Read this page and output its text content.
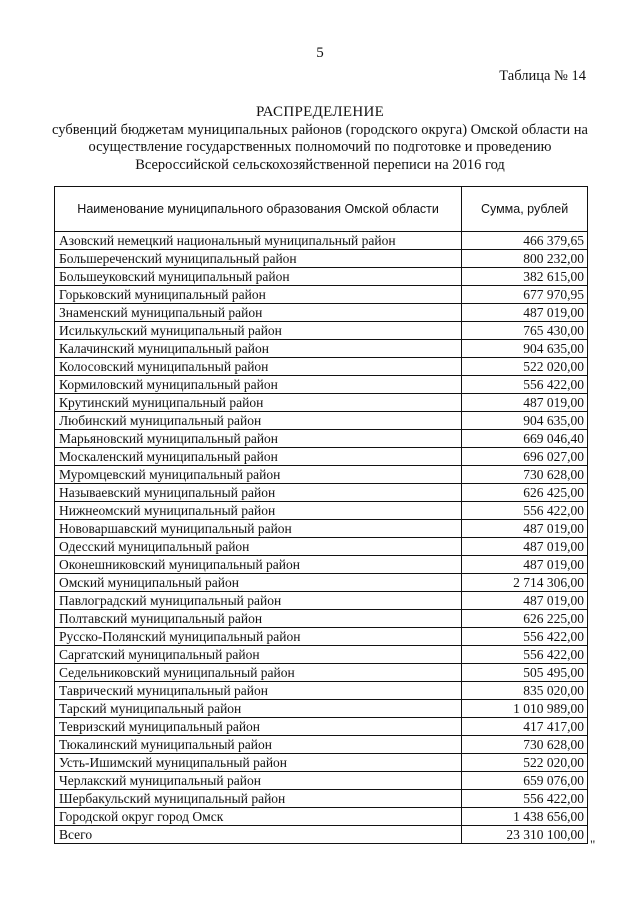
5
Таблица № 14
РАСПРЕДЕЛЕНИЕ
субвенций бюджетам муниципальных районов (городского округа) Омской области на
осуществление государственных полномочий по подготовке и проведению
Всероссийской сельскохозяйственной переписи на 2016 год
Наименование муниципального образования Омской области	Сумма, рублей
Азовский немецкий национальный муниципальный район	466 379,65
Большереченский муниципальный район	800 232,00
Большеуковский муниципальный район	382 615,00
Горьковский муниципальный район	677 970,95
Знаменский муниципальный район	487 019,00
Исилькульский муниципальный район	765 430,00
Калачинский муниципальный район	904 635,00
Колосовский муниципальный район	522 020,00
Кормиловский муниципальный район	556 422,00
Крутинский муниципальный район	487 019,00
Любинский муниципальный район	904 635,00
Марьяновский муниципальный район	669 046,40
Москаленский муниципальный район	696 027,00
Муромцевский муниципальный район	730 628,00
Называевский муниципальный район	626 425,00
Нижнеомский муниципальный район	556 422,00
Нововаршавский муниципальный район	487 019,00
Одесский муниципальный район	487 019,00
Оконешниковский муниципальный район	487 019,00
Омский муниципальный район	2 714 306,00
Павлоградский муниципальный район	487 019,00
Полтавский муниципальный район	626 225,00
Русско-Полянский муниципальный район	556 422,00
Саргатский муниципальный район	556 422,00
Седельниковский муниципальный район	505 495,00
Таврический муниципальный район	835 020,00
Тарский муниципальный район	1 010 989,00
Тевризский муниципальный район	417 417,00
Тюкалинский муниципальный район	730 628,00
Усть-Ишимский муниципальный район	522 020,00
Черлакский муниципальный район	659 076,00
Шербакульский муниципальный район	556 422,00
Городской округ город Омск	1 438 656,00
Всего	23 310 100,00
"
